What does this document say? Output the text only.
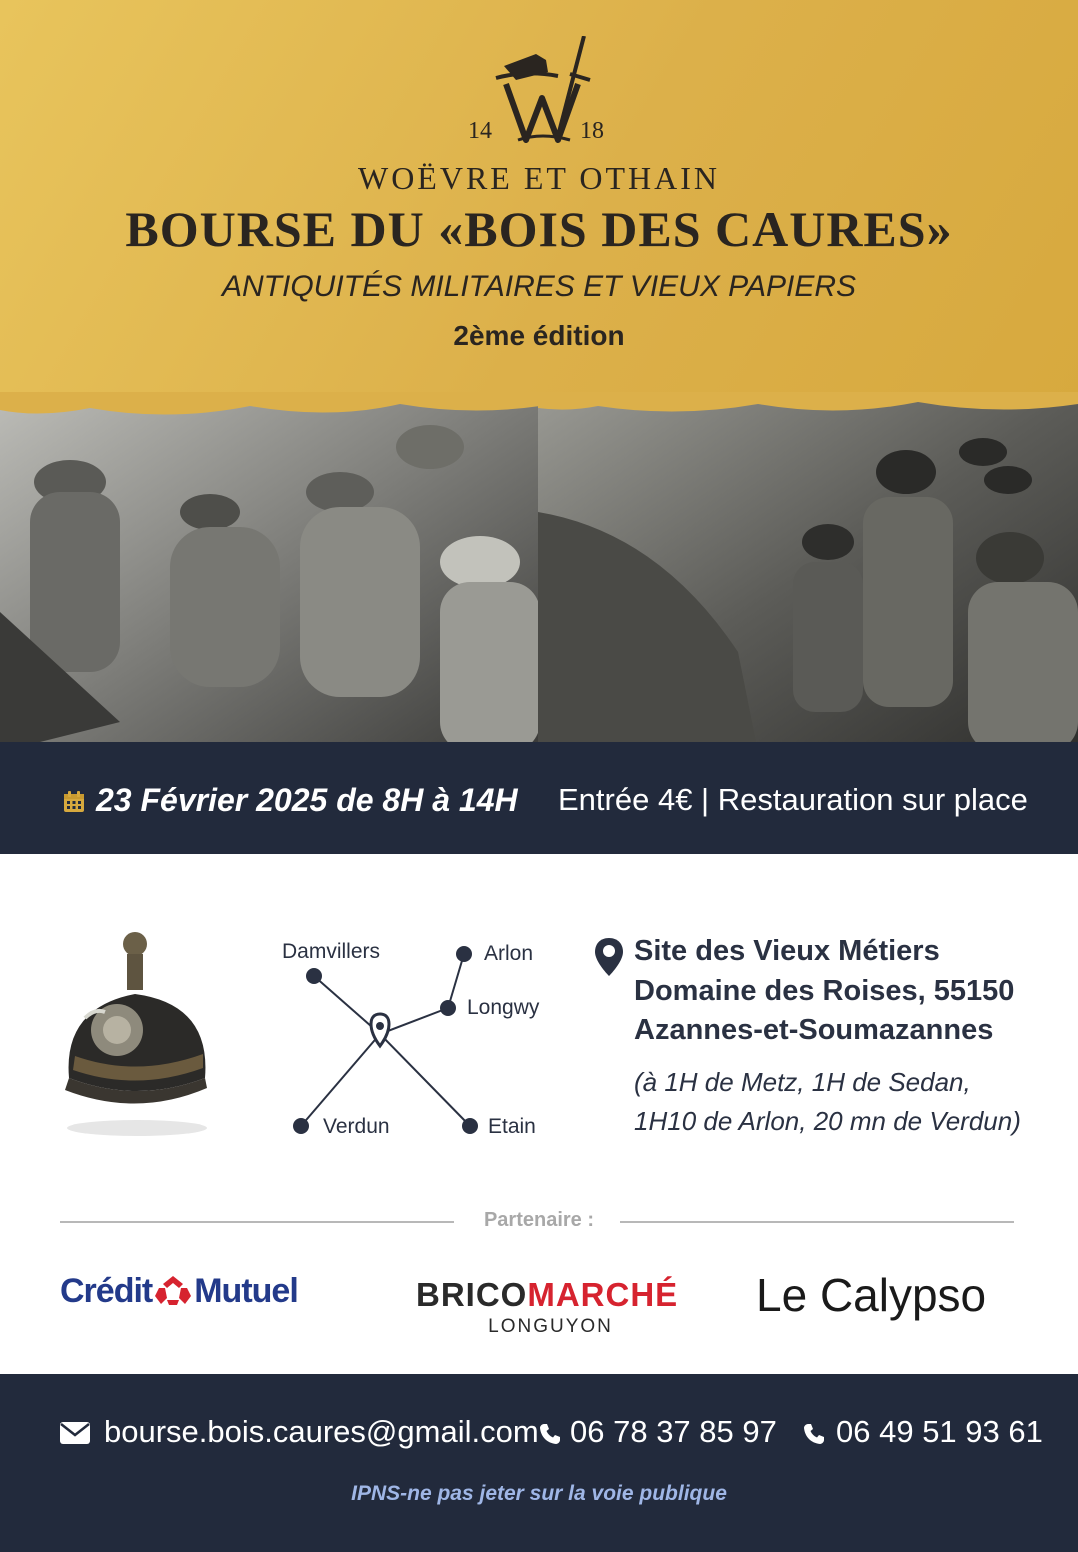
14	18
WOËVRE ET OTHAIN
BOURSE DU «BOIS DES CAURES»
ANTIQUITÉS MILITAIRES ET VIEUX PAPIERS
2ème édition
23 Février 2025 de 8H à 14H Entrée 4€ | Restauration sur place
Damvillers	Arlon
Longwy
Verdun	Etain
Site des Vieux Métiers
Domaine des Roises, 55150
Azannes-et-Soumazannes
(à 1H de Metz, 1H de Sedan,
1H10 de Arlon, 20 mn de Verdun)
Partenaire :
Crédit Mutuel	BRICOMARCHÉ
LONGUYON
Le Calypso
bourse.bois.caures@gmail.com 06 78 37 85 97 06 49 51 93 61
IPNS-ne pas jeter sur la voie publique
